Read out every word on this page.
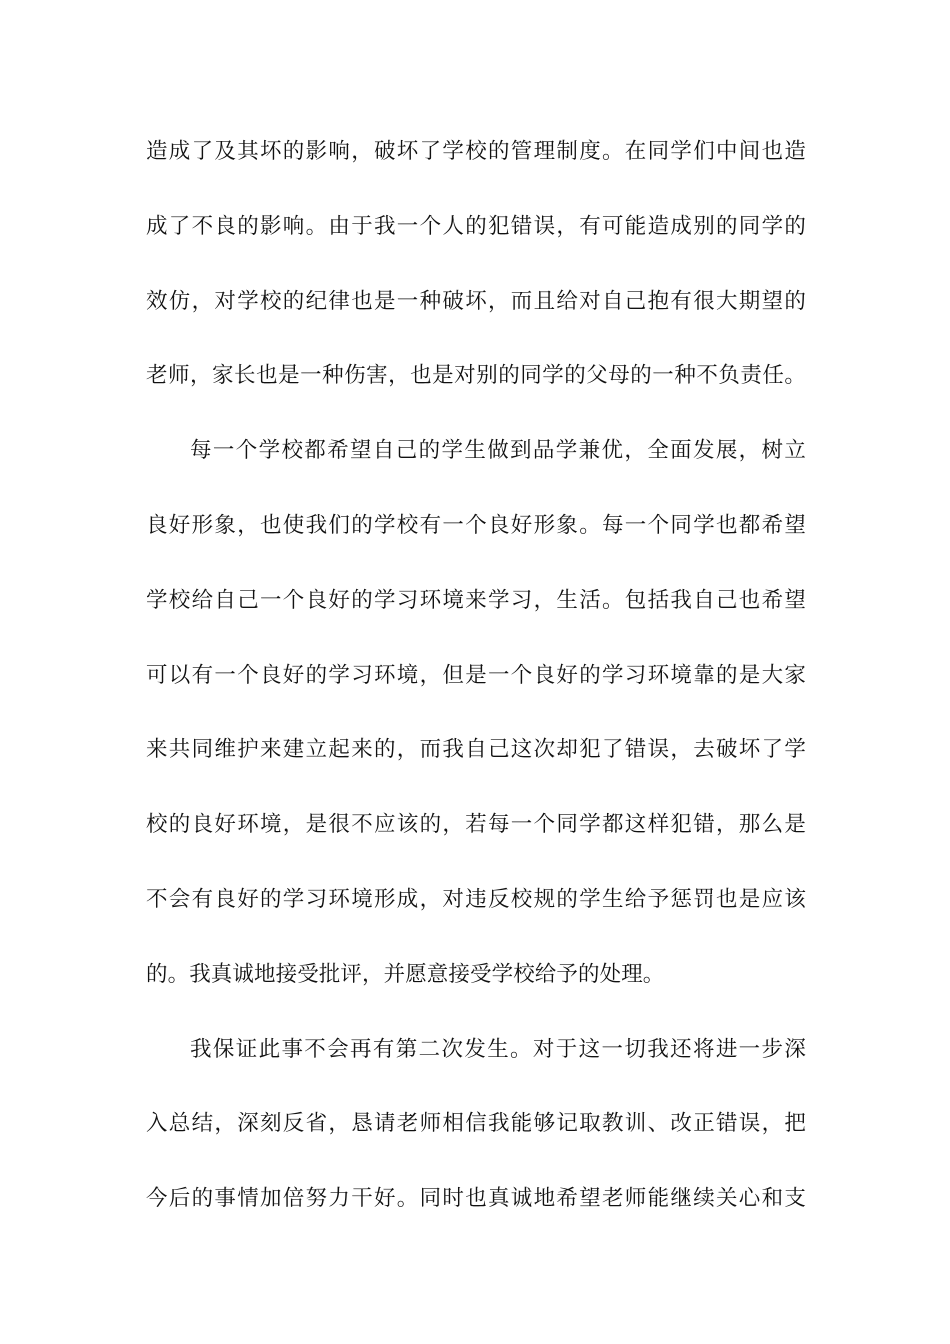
造成了及其坏的影响，破坏了学校的管理制度。在同学们中间也造
成了不良的影响。由于我一个人的犯错误，有可能造成别的同学的
效仿，对学校的纪律也是一种破坏，而且给对自己抱有很大期望的
老师，家长也是一种伤害，也是对别的同学的父母的一种不负责任。
每一个学校都希望自己的学生做到品学兼优，全面发展，树立
良好形象，也使我们的学校有一个良好形象。每一个同学也都希望
学校给自己一个良好的学习环境来学习，生活。包括我自己也希望
可以有一个良好的学习环境，但是一个良好的学习环境靠的是大家
来共同维护来建立起来的，而我自己这次却犯了错误，去破坏了学
校的良好环境，是很不应该的，若每一个同学都这样犯错，那么是
不会有良好的学习环境形成，对违反校规的学生给予惩罚也是应该
的。我真诚地接受批评，并愿意接受学校给予的处理。
我保证此事不会再有第二次发生。对于这一切我还将进一步深
入总结，深刻反省，恳请老师相信我能够记取教训、改正错误，把
今后的事情加倍努力干好。同时也真诚地希望老师能继续关心和支
